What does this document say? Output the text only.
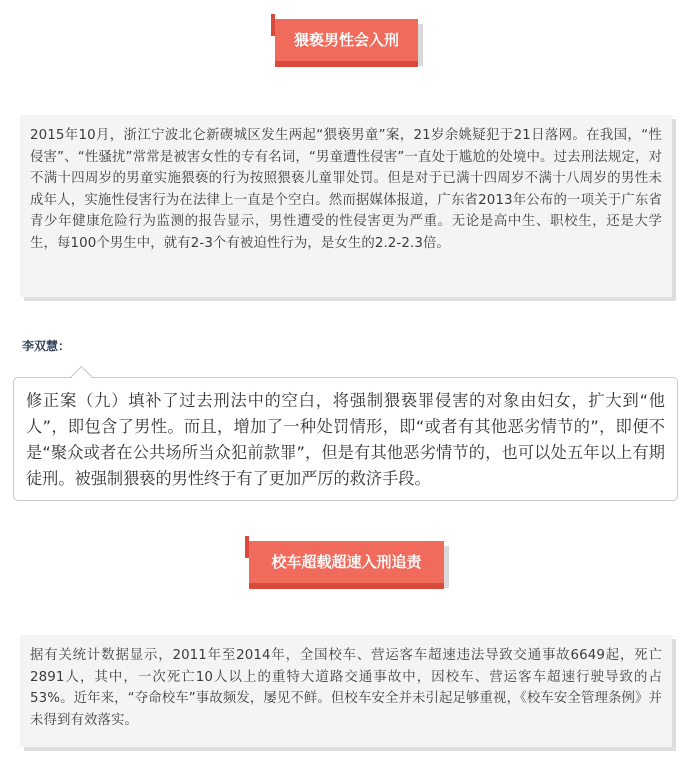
猥亵男性会入刑
2015年10月，浙江宁波北仑新碶城区发生两起“猥亵男童”案，21岁余姚疑犯于21日落网。在我国，“性侵害”、“性骚扰”常常是被害女性的专有名词，“男童遭性侵害”一直处于尴尬的处境中。过去刑法规定，对不满十四周岁的男童实施猥亵的行为按照猥亵儿童罪处罚。但是对于已满十四周岁不满十八周岁的男性未成年人，实施性侵害行为在法律上一直是个空白。然而据媒体报道，广东省2013年公布的一项关于广东省青少年健康危险行为监测的报告显示，男性遭受的性侵害更为严重。无论是高中生、职校生，还是大学生，每100个男生中，就有2-3个有被迫性行为，是女生的2.2-2.3倍。
李双慧：
修正案（九）填补了过去刑法中的空白，将强制猥亵罪侵害的对象由妇女，扩大到“他人”，即包含了男性。而且，增加了一种处罚情形，即“或者有其他恶劣情节的”，即便不是“聚众或者在公共场所当众犯前款罪”，但是有其他恶劣情节的，也可以处五年以上有期徒刑。被强制猥亵的男性终于有了更加严厉的救济手段。
校车超载超速入刑追责
据有关统计数据显示，2011年至2014年，全国校车、营运客车超速违法导致交通事故6649起，死亡2891人，其中，一次死亡10人以上的重特大道路交通事故中，因校车、营运客车超速行驶导致的占53%。近年来，“夺命校车”事故频发，屡见不鲜。但校车安全并未引起足够重视，《校车安全管理条例》并未得到有效落实。
